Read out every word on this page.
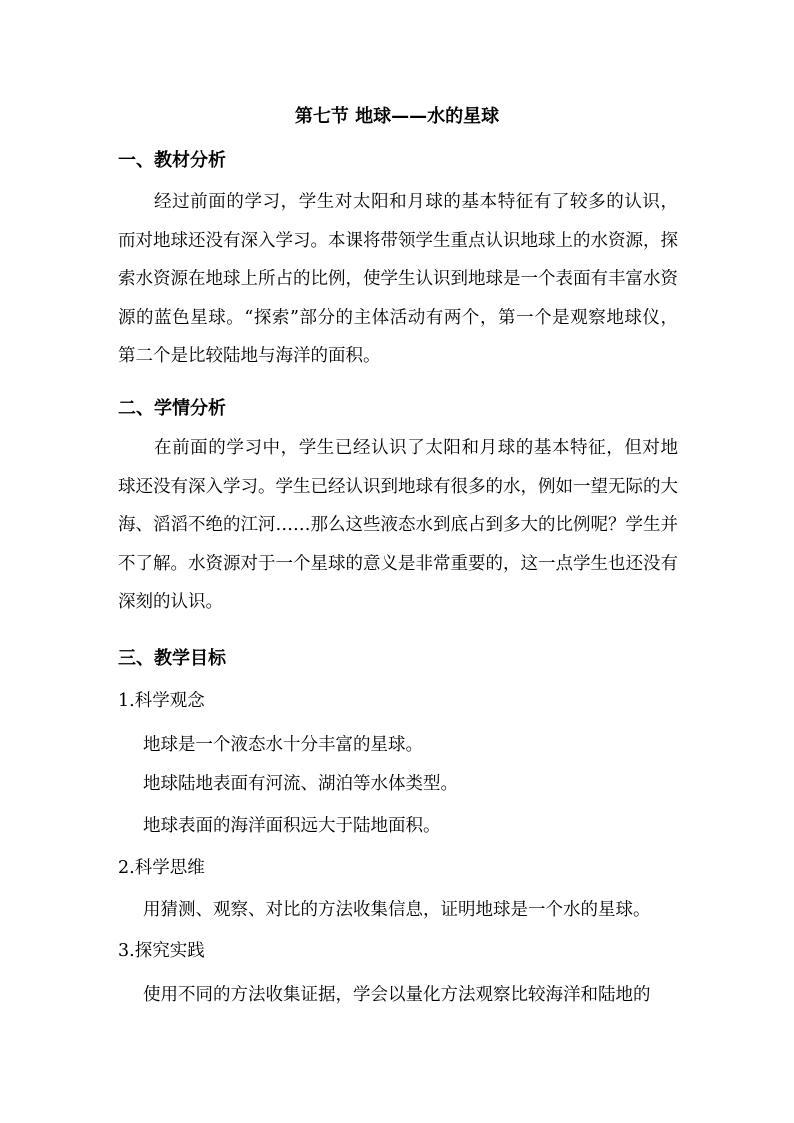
第七节 地球——水的星球
一、教材分析
经过前面的学习，学生对太阳和月球的基本特征有了较多的认识，而对地球还没有深入学习。本课将带领学生重点认识地球上的水资源，探索水资源在地球上所占的比例，使学生认识到地球是一个表面有丰富水资源的蓝色星球。“探索”部分的主体活动有两个，第一个是观察地球仪，第二个是比较陆地与海洋的面积。
二、学情分析
在前面的学习中，学生已经认识了太阳和月球的基本特征，但对地球还没有深入学习。学生已经认识到地球有很多的水，例如一望无际的大海、滔滔不绝的江河……那么这些液态水到底占到多大的比例呢？学生并不了解。水资源对于一个星球的意义是非常重要的，这一点学生也还没有深刻的认识。
三、教学目标
1.科学观念
地球是一个液态水十分丰富的星球。
地球陆地表面有河流、湖泊等水体类型。
地球表面的海洋面积远大于陆地面积。
2.科学思维
用猜测、观察、对比的方法收集信息，证明地球是一个水的星球。
3.探究实践
使用不同的方法收集证据，学会以量化方法观察比较海洋和陆地的
